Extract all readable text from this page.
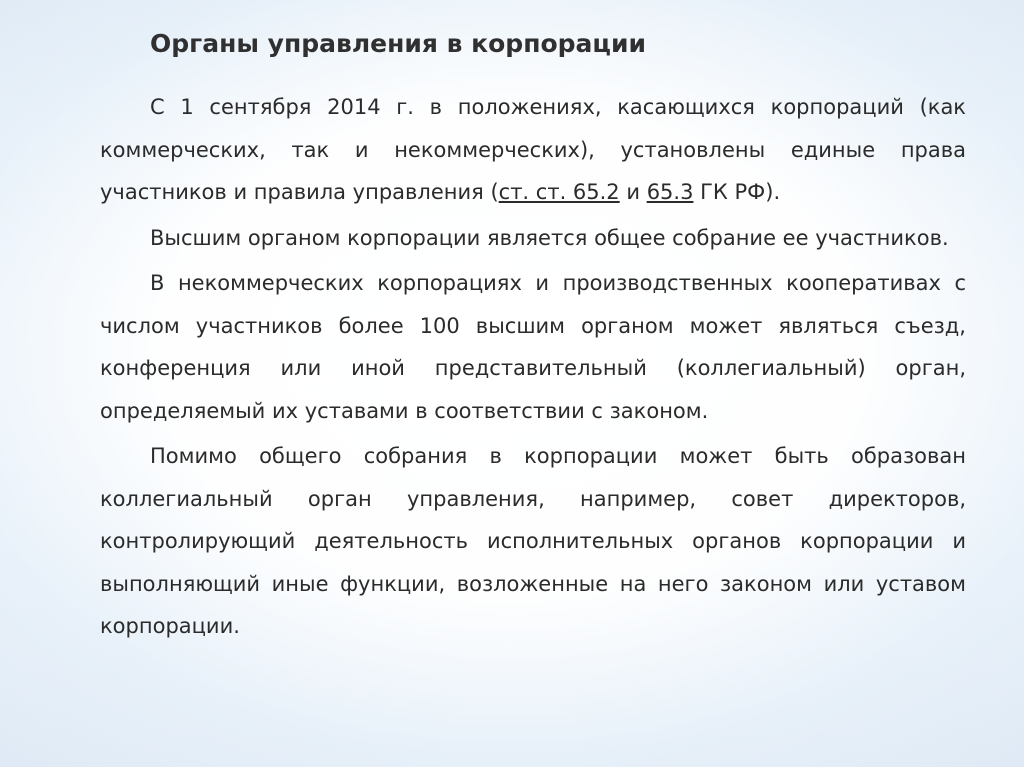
Органы управления в корпорации

С 1 сентября 2014 г. в положениях, касающихся корпораций (как коммерческих, так и некоммерческих), установлены единые права участников и правила управления (ст. ст. 65.2 и 65.3 ГК РФ).

Высшим органом корпорации является общее собрание ее участников.

В некоммерческих корпорациях и производственных кооперативах с числом участников более 100 высшим органом может являться съезд, конференция или иной представительный (коллегиальный) орган, определяемый их уставами в соответствии с законом.

Помимо общего собрания в корпорации может быть образован коллегиальный орган управления, например, совет директоров, контролирующий деятельность исполнительных органов корпорации и выполняющий иные функции, возложенные на него законом или уставом корпорации.
